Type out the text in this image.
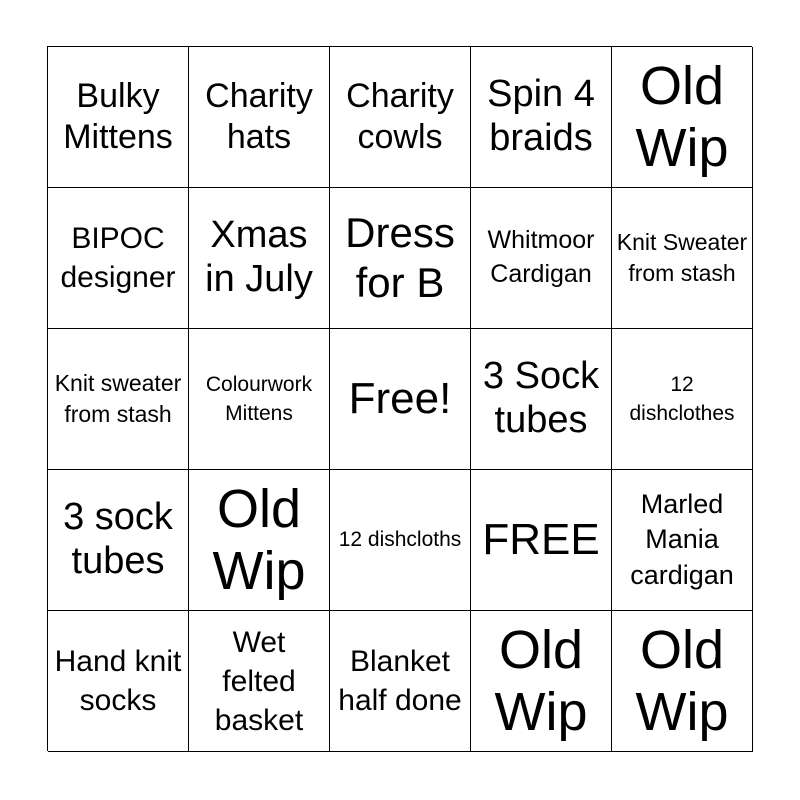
Bulky Mittens
Charity hats
Charity cowls
Spin 4 braids
Old Wip
BIPOC designer
Xmas in July
Dress for B
Whitmoor Cardigan
Knit Sweater from stash
Knit sweater from stash
Colourwork Mittens	Free! 3 Sock tubes
12 dishclothes
3 sock tubes
Old Wip
12 dishcloths FREE
Marled Mania cardigan
Hand knit socks
Wet felted basket
Blanket half done
Old Wip
Old Wip
